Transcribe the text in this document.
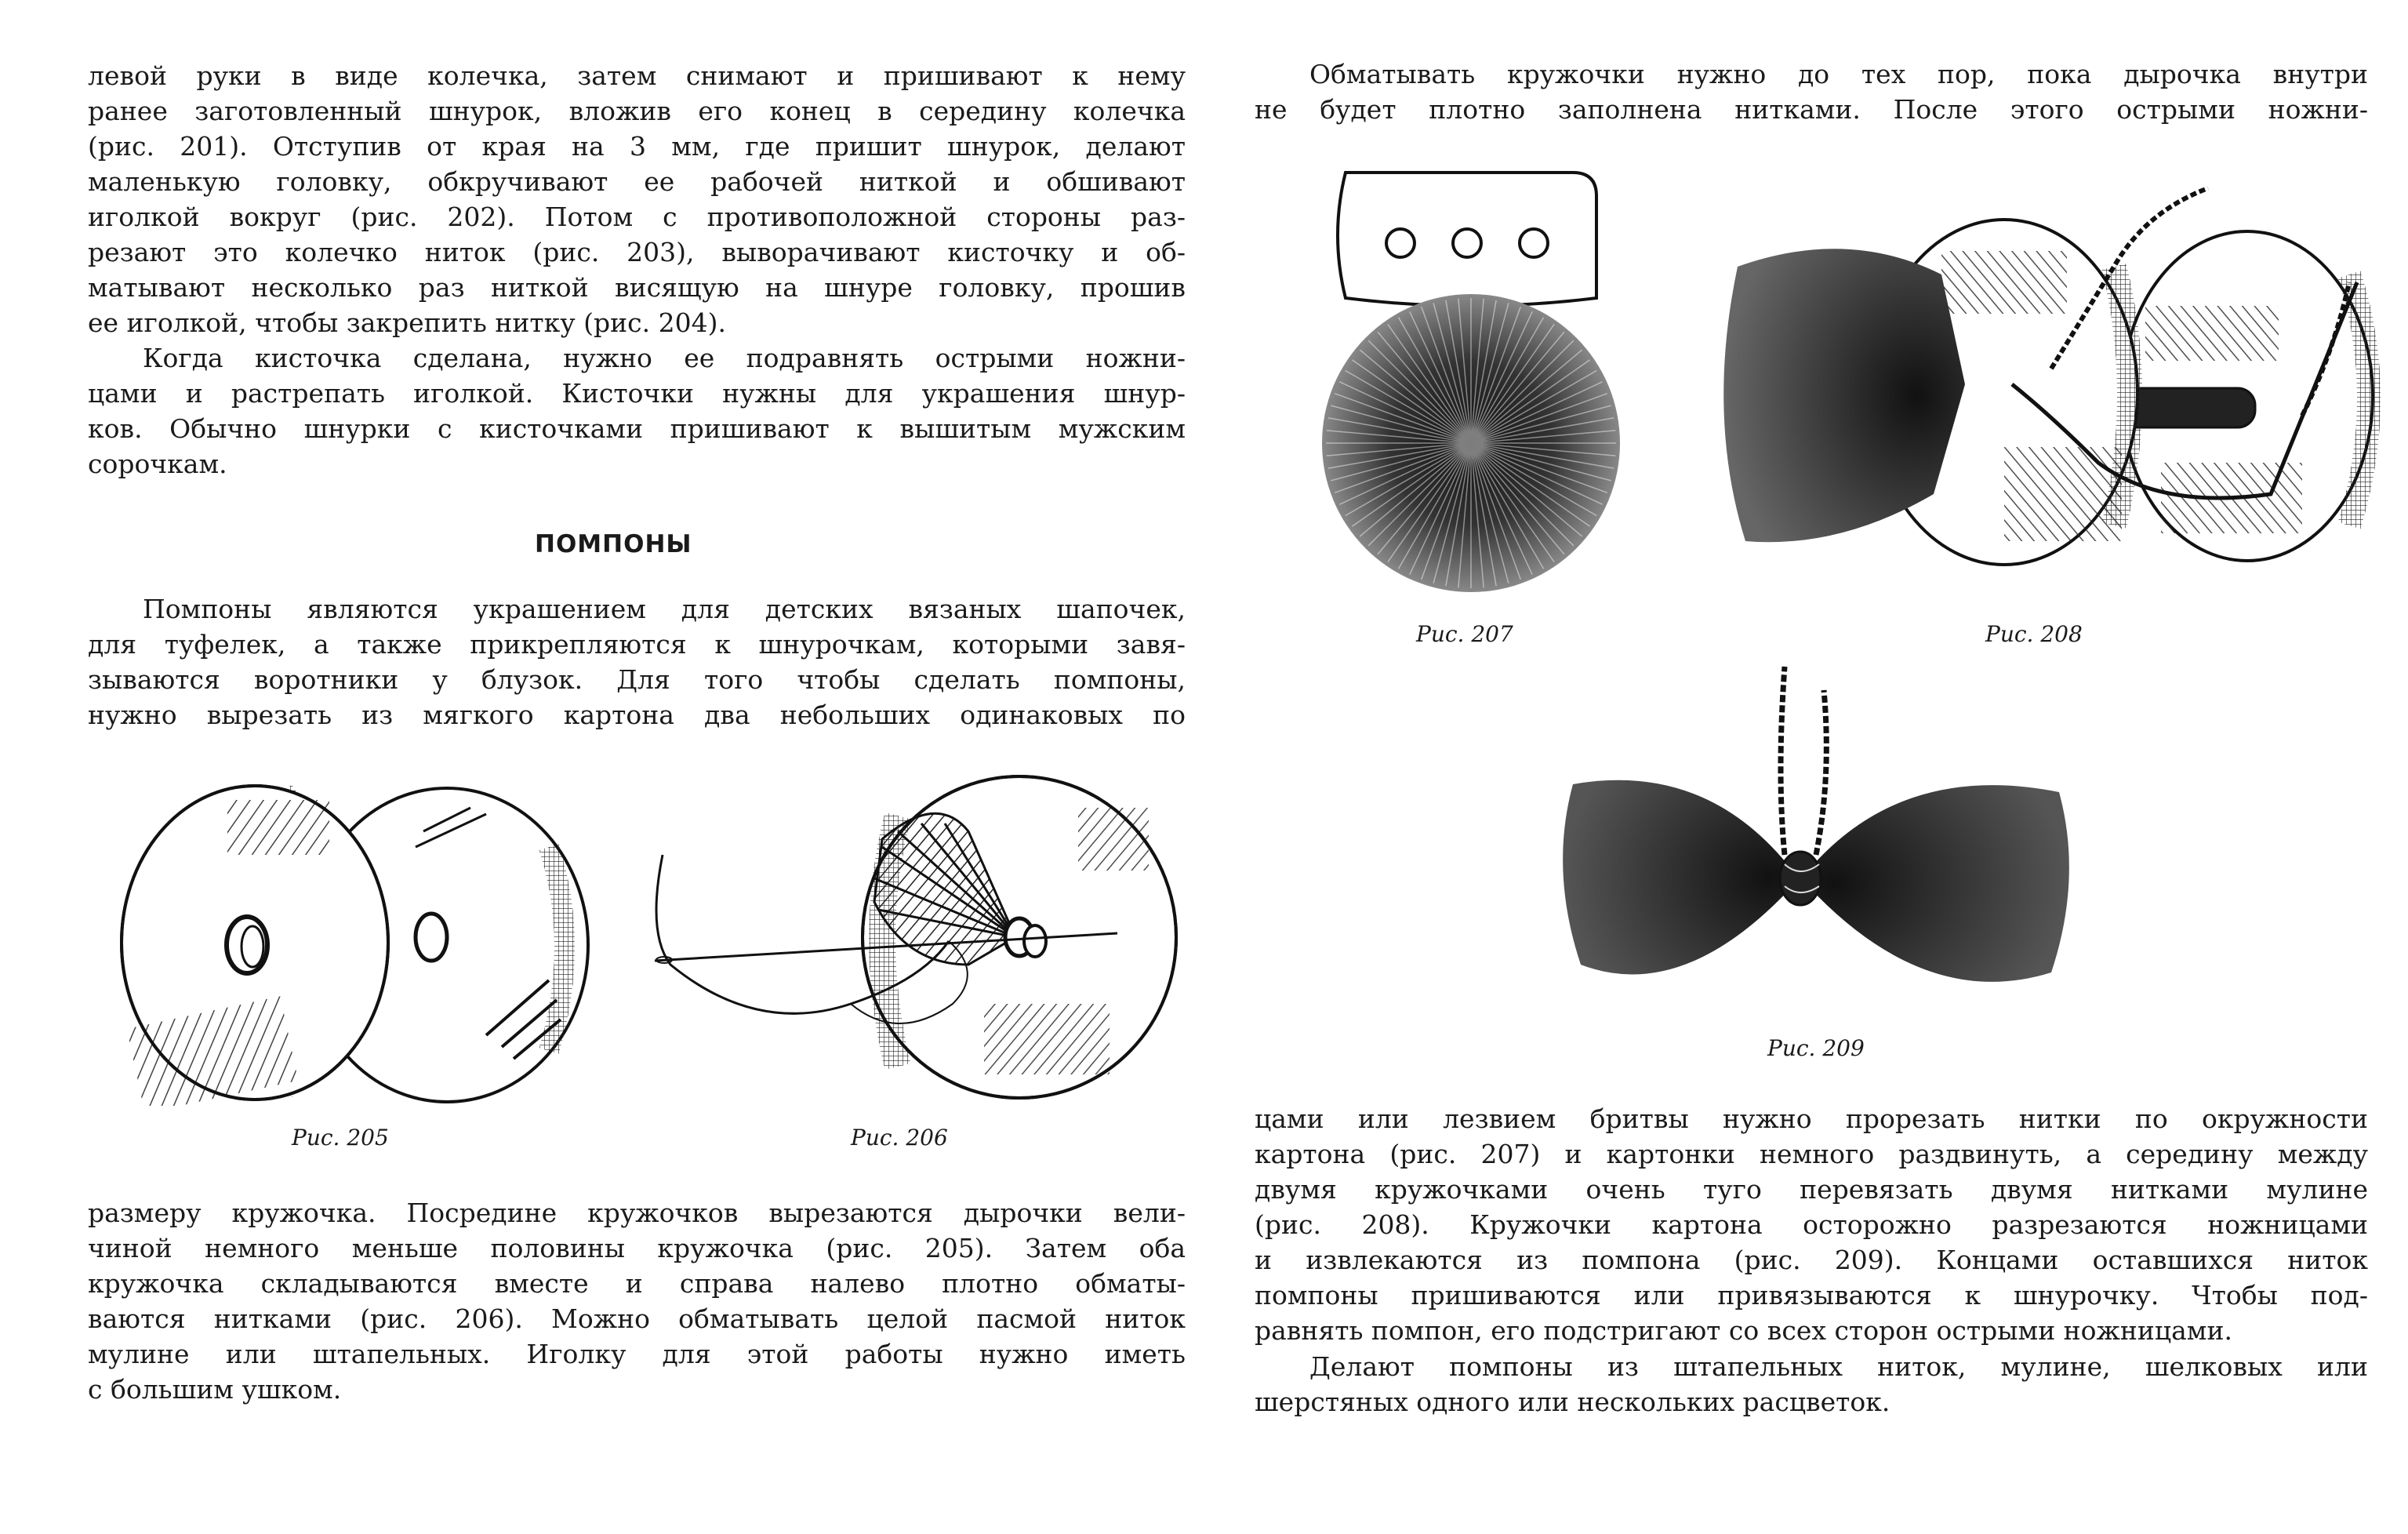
левой руки в виде колечка, затем снимают и пришивают к нему
ранее заготовленный шнурок, вложив его конец в середину колечка
(рис. 201). Отступив от края на 3 мм, где пришит шнурок, делают
маленькую головку, обкручивают ее рабочей ниткой и обшивают
иголкой вокруг (рис. 202). Потом с противоположной стороны раз-
резают это колечко ниток (рис. 203), выворачивают кисточку и об-
матывают несколько раз ниткой висящую на шнуре головку, прошив
ее иголкой, чтобы закрепить нитку (рис. 204).
Когда кисточка сделана, нужно ее подравнять острыми ножни-
цами и растрепать иголкой. Кисточки нужны для украшения шнур-
ков. Обычно шнурки с кисточками пришивают к вышитым мужским
сорочкам.
ПОМПОНЫ
Помпоны являются украшением для детских вязаных шапочек,
для туфелек, а также прикрепляются к шнурочкам, которыми завя-
зываются воротники у блузок. Для того чтобы сделать помпоны,
нужно вырезать из мягкого картона два небольших одинаковых по
Рис. 205	Рис. 206
размеру кружочка. Посредине кружочков вырезаются дырочки вели-
чиной немного меньше половины кружочка (рис. 205). Затем оба
кружочка складываются вместе и справа налево плотно обматы-
ваются нитками (рис. 206). Можно обматывать целой пасмой ниток
мулине или штапельных. Иголку для этой работы нужно иметь
с большим ушком.
Обматывать кружочки нужно до тех пор, пока дырочка внутри
не будет плотно заполнена нитками. После этого острыми ножни-
Рис. 207	Рис. 208
Рис. 209
цами или лезвием бритвы нужно прорезать нитки по окружности
картона (рис. 207) и картонки немного раздвинуть, а середину между
двумя кружочками очень туго перевязать двумя нитками мулине
(рис. 208). Кружочки картона осторожно разрезаются ножницами
и извлекаются из помпона (рис. 209). Концами оставшихся ниток
помпоны пришиваются или привязываются к шнурочку. Чтобы под-
равнять помпон, его подстригают со всех сторон острыми ножницами.
Делают помпоны из штапельных ниток, мулине, шелковых или
шерстяных одного или нескольких расцветок.
